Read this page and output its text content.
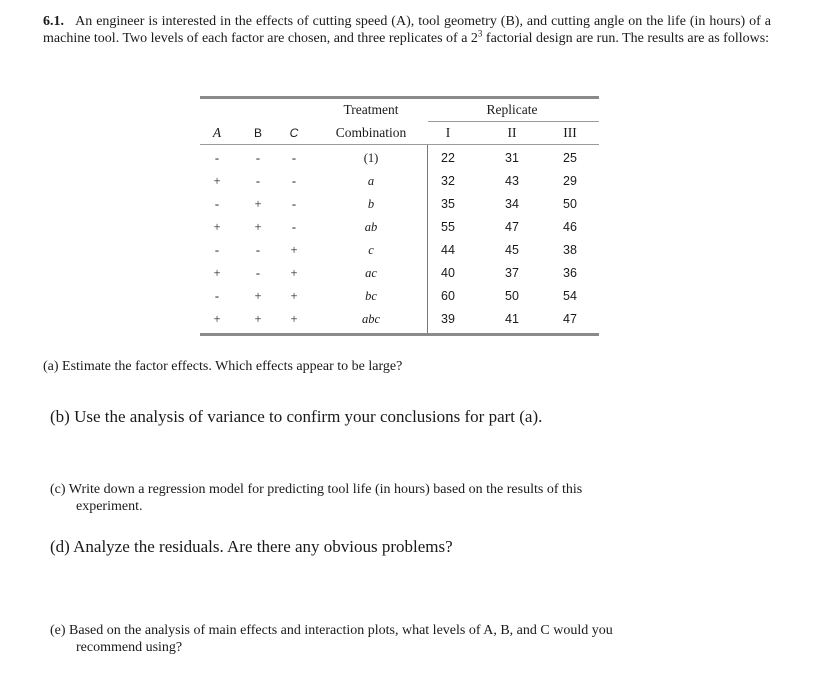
6.1. An engineer is interested in the effects of cutting speed (A), tool geometry (B), and cutting angle on the life (in hours) of a machine tool. Two levels of each factor are chosen, and three replicates of a $2^3$ factorial design are run. The results are as follows:
Treatment	Replicate
A	B C	Combination	I	II	III
-	-	-	(1)	22	31	25
+	-	-	a	32	43	29
-	+ -	b	35	34	50
+	+ -	ab	55	47	46
-	- +	c	44	45	38
+	- +	ac	40	37	36
-	+ +	bc	60	50	54
+	+ +	abc	39	41	47
(a) Estimate the factor effects. Which effects appear to be large?
(b) Use the analysis of variance to confirm your conclusions for part (a).
(c) Write down a regression model for predicting tool life (in hours) based on the results of this
experiment.
(d) Analyze the residuals. Are there any obvious problems?
(e) Based on the analysis of main effects and interaction plots, what levels of A, B, and C would you
recommend using?
